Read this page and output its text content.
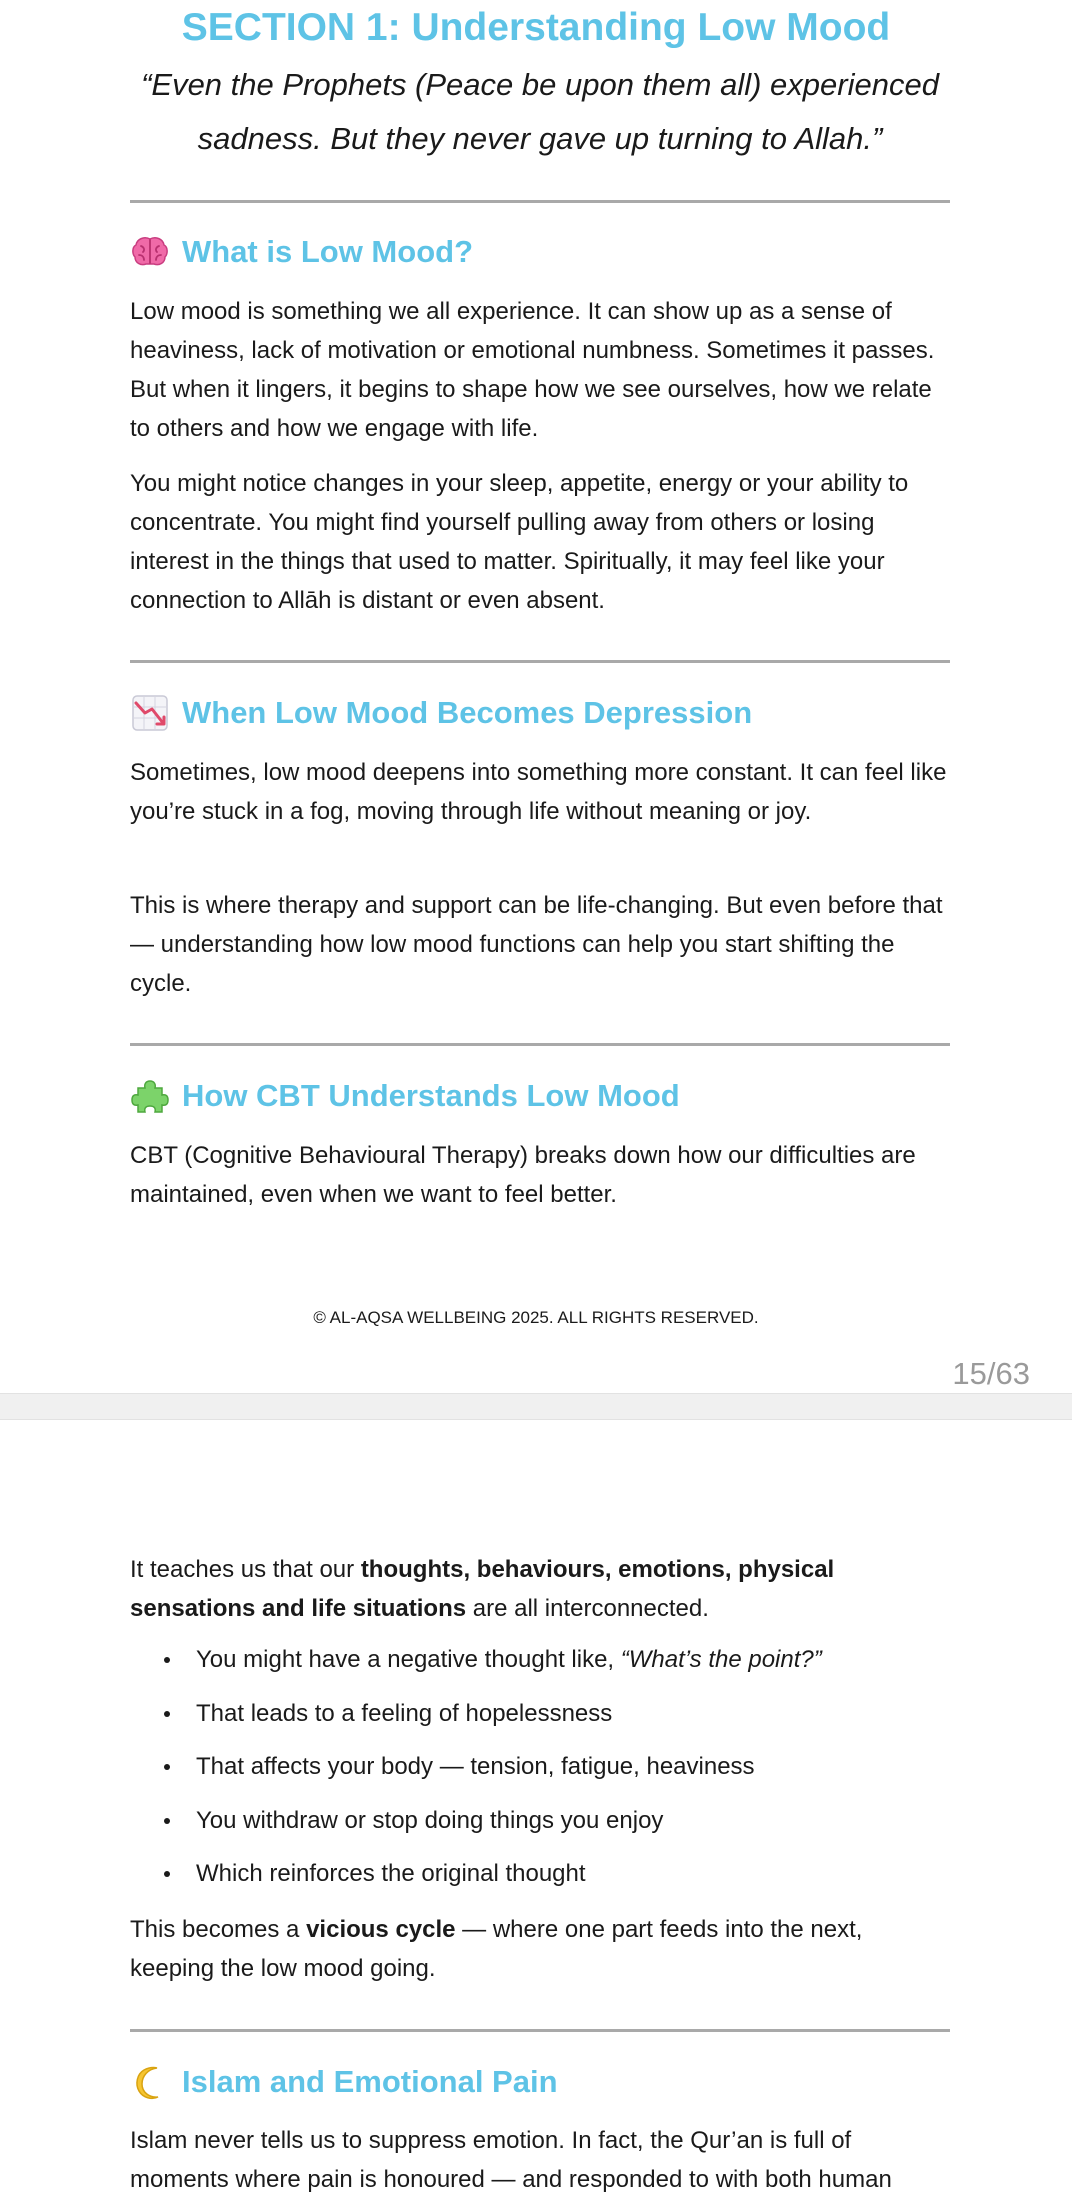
SECTION 1: Understanding Low Mood

“Even the Prophets (Peace be upon them all) experienced sadness. But they never gave up turning to Allah.”

What is Low Mood?

Low mood is something we all experience. It can show up as a sense of heaviness, lack of motivation or emotional numbness. Sometimes it passes. But when it lingers, it begins to shape how we see ourselves, how we relate to others and how we engage with life.

You might notice changes in your sleep, appetite, energy or your ability to concentrate. You might find yourself pulling away from others or losing interest in the things that used to matter. Spiritually, it may feel like your connection to Allāh is distant or even absent.

When Low Mood Becomes Depression

Sometimes, low mood deepens into something more constant. It can feel like you’re stuck in a fog, moving through life without meaning or joy.

This is where therapy and support can be life-changing. But even before that — understanding how low mood functions can help you start shifting the cycle.

How CBT Understands Low Mood

CBT (Cognitive Behavioural Therapy) breaks down how our difficulties are maintained, even when we want to feel better.

© AL-AQSA WELLBEING 2025. ALL RIGHTS RESERVED.
15/63

It teaches us that our thoughts, behaviours, emotions, physical sensations and life situations are all interconnected.

You might have a negative thought like, “What’s the point?”
That leads to a feeling of hopelessness
That affects your body — tension, fatigue, heaviness
You withdraw or stop doing things you enjoy
Which reinforces the original thought

This becomes a vicious cycle — where one part feeds into the next, keeping the low mood going.

Islam and Emotional Pain

Islam never tells us to suppress emotion. In fact, the Qur’an is full of moments where pain is honoured — and responded to with both human
